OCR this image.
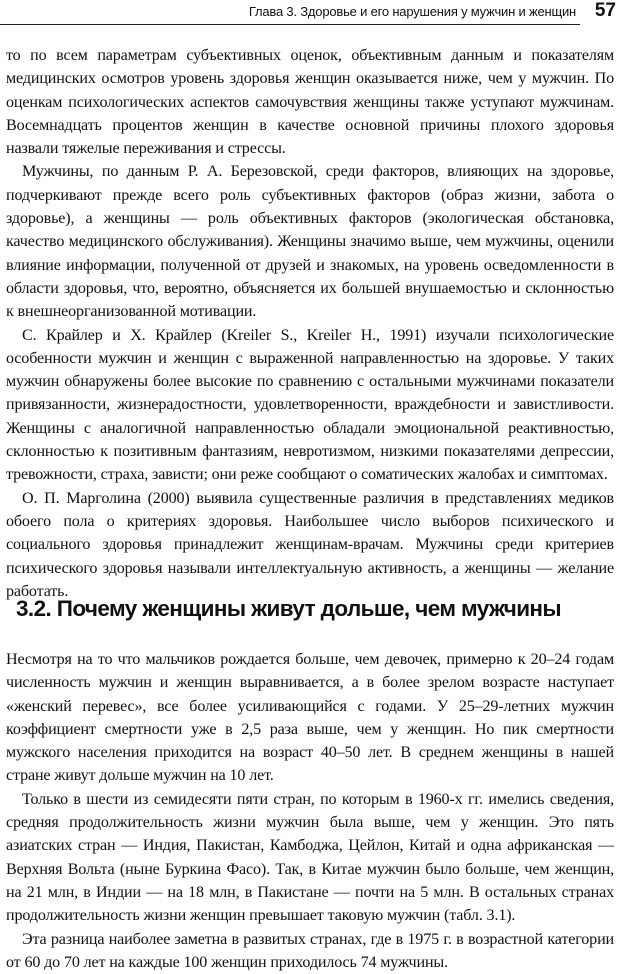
Глава 3. Здоровье и его нарушения у мужчин и женщин 57

то по всем параметрам субъективных оценок, объективным данным и показателям медицинских осмотров уровень здоровья женщин оказывается ниже, чем у мужчин. По оценкам психологических аспектов самочувствия женщины также уступают мужчинам. Восемнадцать процентов женщин в качестве основной причины плохого здоровья назвали тяжелые переживания и стрессы.

Мужчины, по данным Р. А. Березовской, среди факторов, влияющих на здоровье, подчеркивают прежде всего роль субъективных факторов (образ жизни, забота о здоровье), а женщины — роль объективных факторов (экологическая обстановка, качество медицинского обслуживания). Женщины значимо выше, чем мужчины, оценили влияние информации, полученной от друзей и знакомых, на уровень осведомленности в области здоровья, что, вероятно, объясняется их большей внушаемостью и склонностью к внешнеорганизованной мотивации.

С. Крайлер и Х. Крайлер (Kreiler S., Kreiler H., 1991) изучали психологические особенности мужчин и женщин с выраженной направленностью на здоровье. У таких мужчин обнаружены более высокие по сравнению с остальными мужчинами показатели привязанности, жизнерадостности, удовлетворенности, враждебности и завистливости. Женщины с аналогичной направленностью обладали эмоциональной реактивностью, склонностью к позитивным фантазиям, невротизмом, низкими показателями депрессии, тревожности, страха, зависти; они реже сообщают о соматических жалобах и симптомах.

О. П. Марголина (2000) выявила существенные различия в представлениях медиков обоего пола о критериях здоровья. Наибольшее число выборов психического и социального здоровья принадлежит женщинам-врачам. Мужчины среди критериев психического здоровья называли интеллектуальную активность, а женщины — желание работать.

3.2. Почему женщины живут дольше, чем мужчины

Несмотря на то что мальчиков рождается больше, чем девочек, примерно к 20–24 годам численность мужчин и женщин выравнивается, а в более зрелом возрасте наступает «женский перевес», все более усиливающийся с годами. У 25–29-летних мужчин коэффициент смертности уже в 2,5 раза выше, чем у женщин. Но пик смертности мужского населения приходится на возраст 40–50 лет. В среднем женщины в нашей стране живут дольше мужчин на 10 лет.

Только в шести из семидесяти пяти стран, по которым в 1960-х гг. имелись сведения, средняя продолжительность жизни мужчин была выше, чем у женщин. Это пять азиатских стран — Индия, Пакистан, Камбоджа, Цейлон, Китай и одна африканская — Верхняя Вольта (ныне Буркина Фасо). Так, в Китае мужчин было больше, чем женщин, на 21 млн, в Индии — на 18 млн, в Пакистане — почти на 5 млн. В остальных странах продолжительность жизни женщин превышает таковую мужчин (табл. 3.1).

Эта разница наиболее заметна в развитых странах, где в 1975 г. в возрастной категории от 60 до 70 лет на каждые 100 женщин приходилось 74 мужчины.
